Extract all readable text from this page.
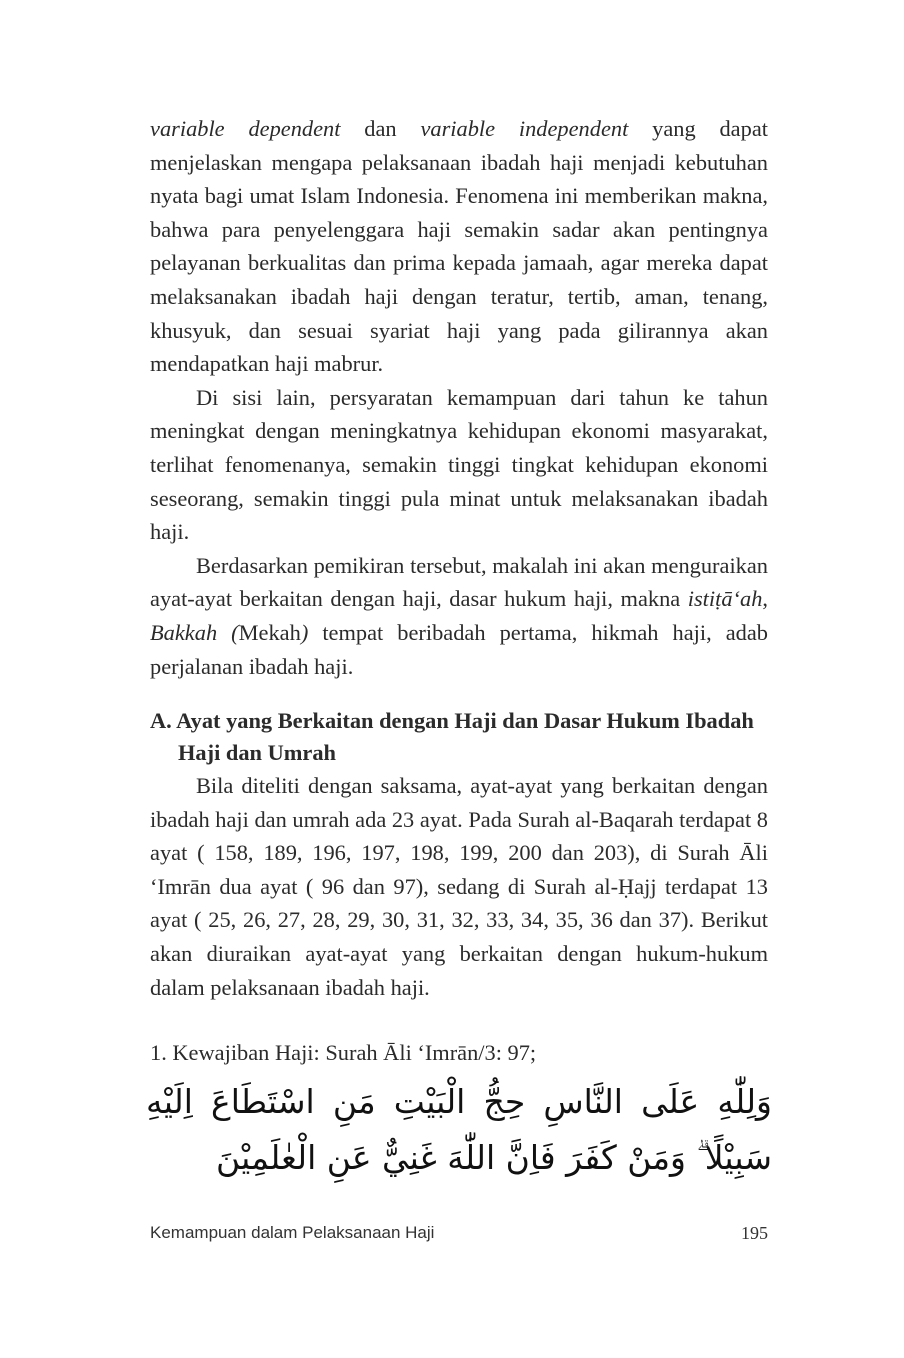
variable dependent dan variable independent yang dapat menjelaskan mengapa pelaksanaan ibadah haji menjadi kebutuhan nyata bagi umat Islam Indonesia. Fenomena ini memberikan makna, bahwa para penyelenggara haji semakin sadar akan pentingnya pelayanan berkualitas dan prima kepada jamaah, agar mereka dapat melaksanakan ibadah haji dengan teratur, tertib, aman, tenang, khusyuk, dan sesuai syariat haji yang pada gilirannya akan mendapatkan haji mabrur.

Di sisi lain, persyaratan kemampuan dari tahun ke tahun meningkat dengan meningkatnya kehidupan ekonomi masyarakat, terlihat fenomenanya, semakin tinggi tingkat kehidupan ekonomi seseorang, semakin tinggi pula minat untuk melaksanakan ibadah haji.

Berdasarkan pemikiran tersebut, makalah ini akan menguraikan ayat-ayat berkaitan dengan haji, dasar hukum haji, makna istiṭā‘ah, Bakkah (Mekah) tempat beribadah pertama, hikmah haji, adab perjalanan ibadah haji.

A. Ayat yang Berkaitan dengan Haji dan Dasar Hukum Ibadah Haji dan Umrah

Bila diteliti dengan saksama, ayat-ayat yang berkaitan dengan ibadah haji dan umrah ada 23 ayat. Pada Surah al-Baqarah terdapat 8 ayat ( 158, 189, 196, 197, 198, 199, 200 dan 203), di Surah Āli ‘Imrān dua ayat ( 96 dan 97), sedang di Surah al-Ḥajj terdapat 13 ayat ( 25, 26, 27, 28, 29, 30, 31, 32, 33, 34, 35, 36 dan 37). Berikut akan diuraikan ayat-ayat yang berkaitan dengan hukum-hukum dalam pelaksanaan ibadah haji.

1. Kewajiban Haji: Surah Āli ‘Imrān/3: 97;
وَلِلّٰهِ عَلَى النَّاسِ حِجُّ الْبَيْتِ مَنِ اسْتَطَاعَ اِلَيْهِ سَبِيْلًا ۗ وَمَنْ كَفَرَ فَاِنَّ اللّٰهَ غَنِيٌّ عَنِ الْعٰلَمِيْنَ
Kemampuan dalam Pelaksanaan Haji	195
